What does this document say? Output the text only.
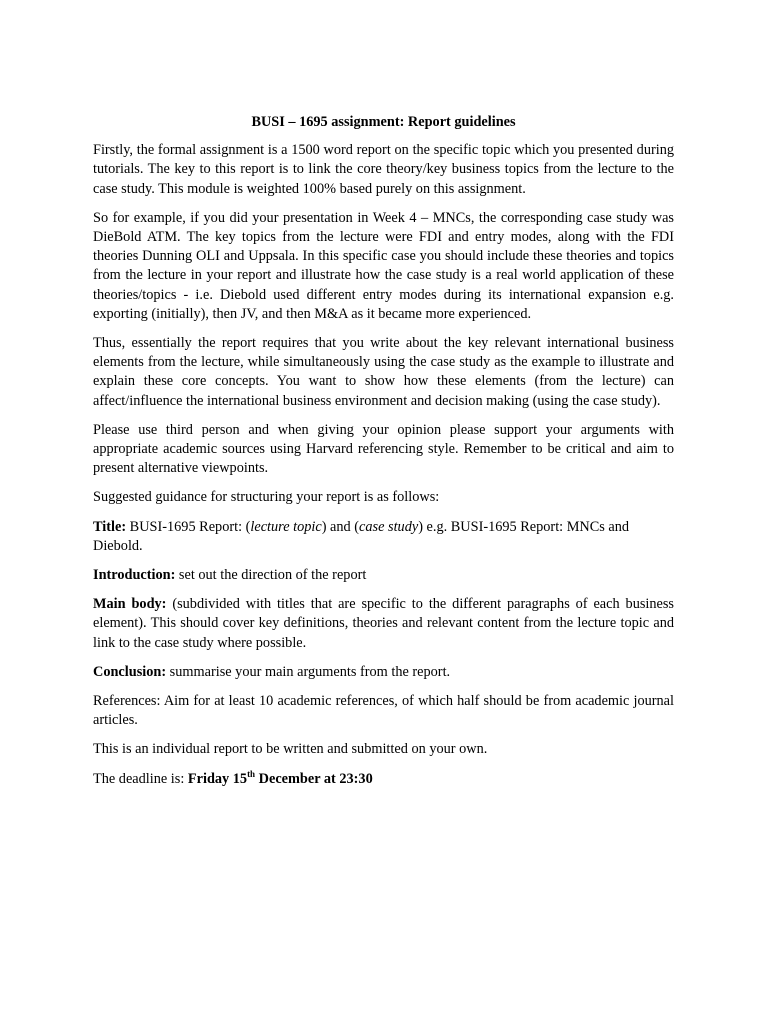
BUSI – 1695 assignment: Report guidelines

Firstly, the formal assignment is a 1500 word report on the specific topic which you presented during tutorials. The key to this report is to link the core theory/key business topics from the lecture to the case study. This module is weighted 100% based purely on this assignment.

So for example, if you did your presentation in Week 4 – MNCs, the corresponding case study was DieBold ATM. The key topics from the lecture were FDI and entry modes, along with the FDI theories Dunning OLI and Uppsala. In this specific case you should include these theories and topics from the lecture in your report and illustrate how the case study is a real world application of these theories/topics - i.e. Diebold used different entry modes during its international expansion e.g. exporting (initially), then JV, and then M&A as it became more experienced.

Thus, essentially the report requires that you write about the key relevant international business elements from the lecture, while simultaneously using the case study as the example to illustrate and explain these core concepts. You want to show how these elements (from the lecture) can affect/influence the international business environment and decision making (using the case study).

Please use third person and when giving your opinion please support your arguments with appropriate academic sources using Harvard referencing style. Remember to be critical and aim to present alternative viewpoints.

Suggested guidance for structuring your report is as follows:

Title: BUSI-1695 Report: (lecture topic) and (case study) e.g. BUSI-1695 Report: MNCs and Diebold.

Introduction: set out the direction of the report

Main body: (subdivided with titles that are specific to the different paragraphs of each business element). This should cover key definitions, theories and relevant content from the lecture topic and link to the case study where possible.

Conclusion: summarise your main arguments from the report.

References: Aim for at least 10 academic references, of which half should be from academic journal articles.

This is an individual report to be written and submitted on your own.

The deadline is: Friday 15th December at 23:30
